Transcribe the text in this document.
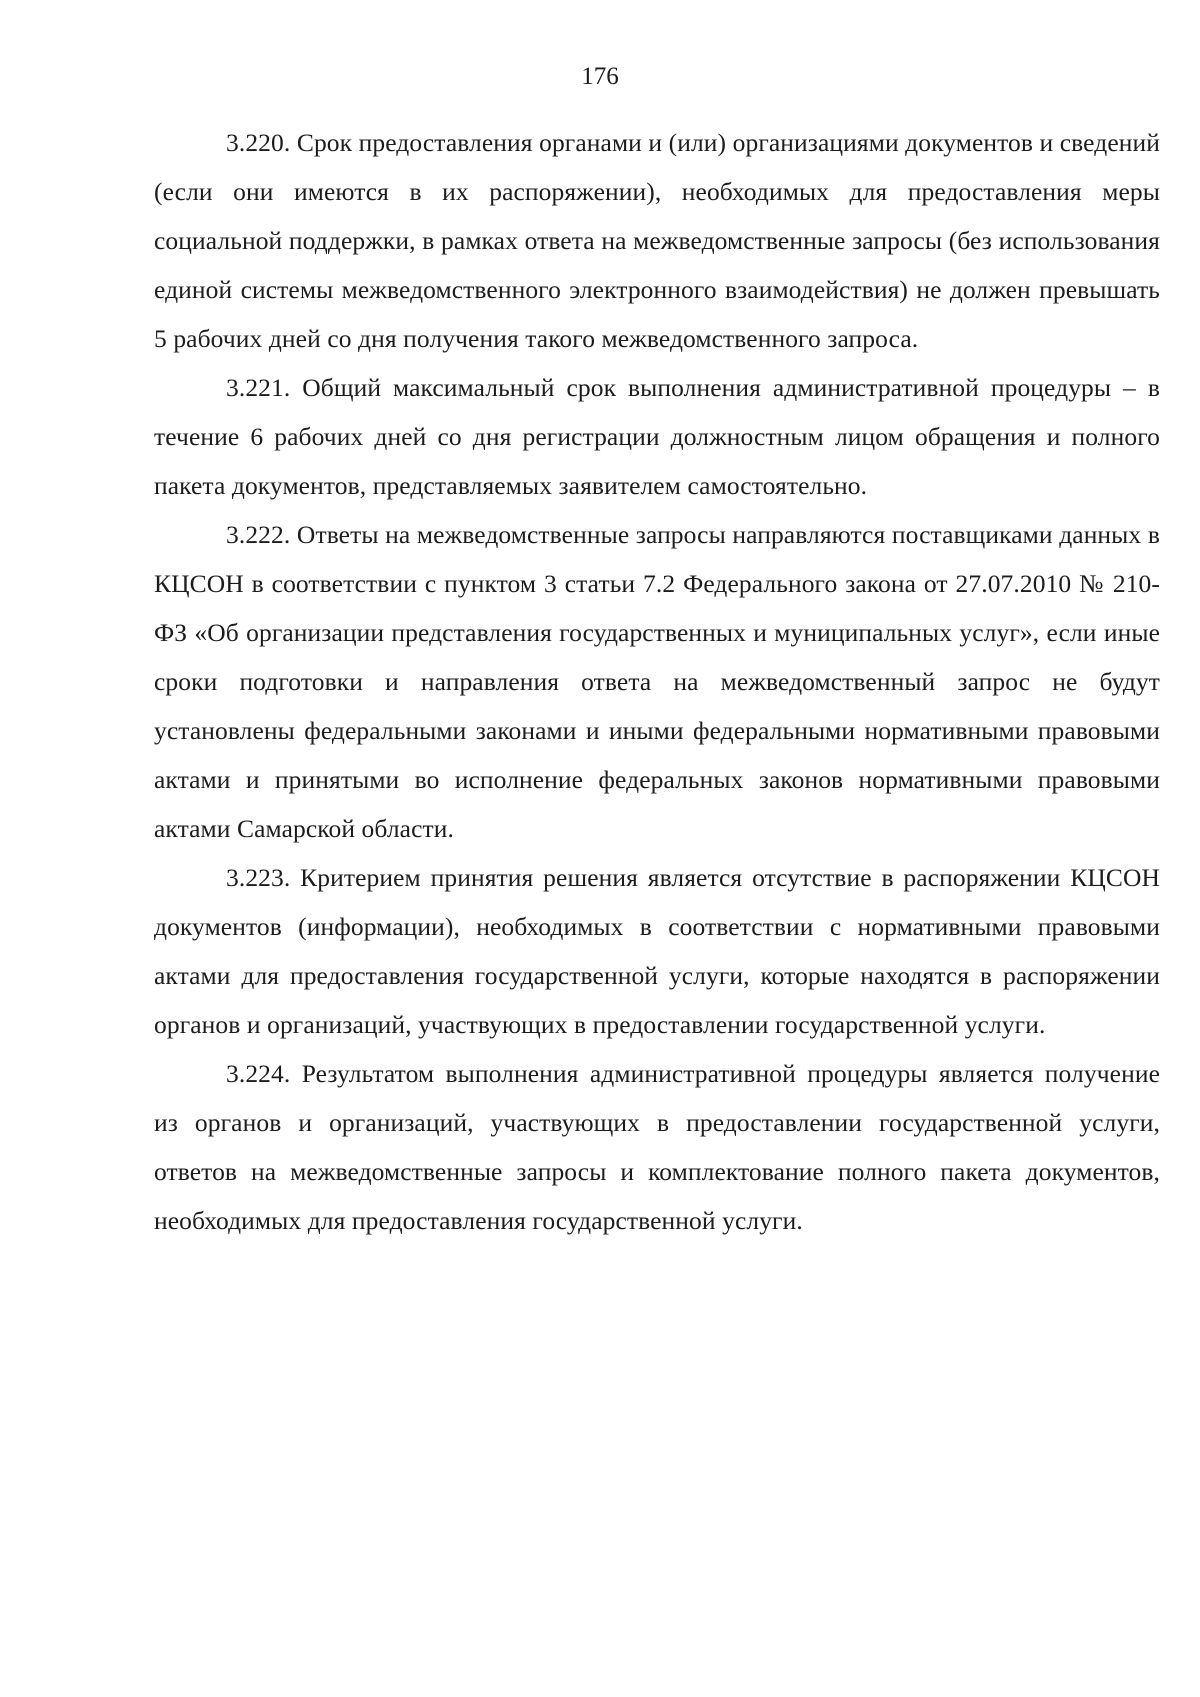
176

3.220. Срок предоставления органами и (или) организациями документов и сведений (если они имеются в их распоряжении), необходимых для предоставления меры социальной поддержки, в рамках ответа на межведомственные запросы (без использования единой системы межведомственного электронного взаимодействия) не должен превышать 5 рабочих дней со дня получения такого межведомственного запроса.

3.221. Общий максимальный срок выполнения административной процедуры – в течение 6 рабочих дней со дня регистрации должностным лицом обращения и полного пакета документов, представляемых заявителем самостоятельно.

3.222. Ответы на межведомственные запросы направляются поставщиками данных в КЦСОН в соответствии с пунктом 3 статьи 7.2 Федерального закона от 27.07.2010 № 210-ФЗ «Об организации представления государственных и муниципальных услуг», если иные сроки подготовки и направления ответа на межведомственный запрос не будут установлены федеральными законами и иными федеральными нормативными правовыми актами и принятыми во исполнение федеральных законов нормативными правовыми актами Самарской области.

3.223. Критерием принятия решения является отсутствие в распоряжении КЦСОН документов (информации), необходимых в соответствии с нормативными правовыми актами для предоставления государственной услуги, которые находятся в распоряжении органов и организаций, участвующих в предоставлении государственной услуги.

3.224. Результатом выполнения административной процедуры является получение из органов и организаций, участвующих в предоставлении государственной услуги, ответов на межведомственные запросы и комплектование полного пакета документов, необходимых для предоставления государственной услуги.
